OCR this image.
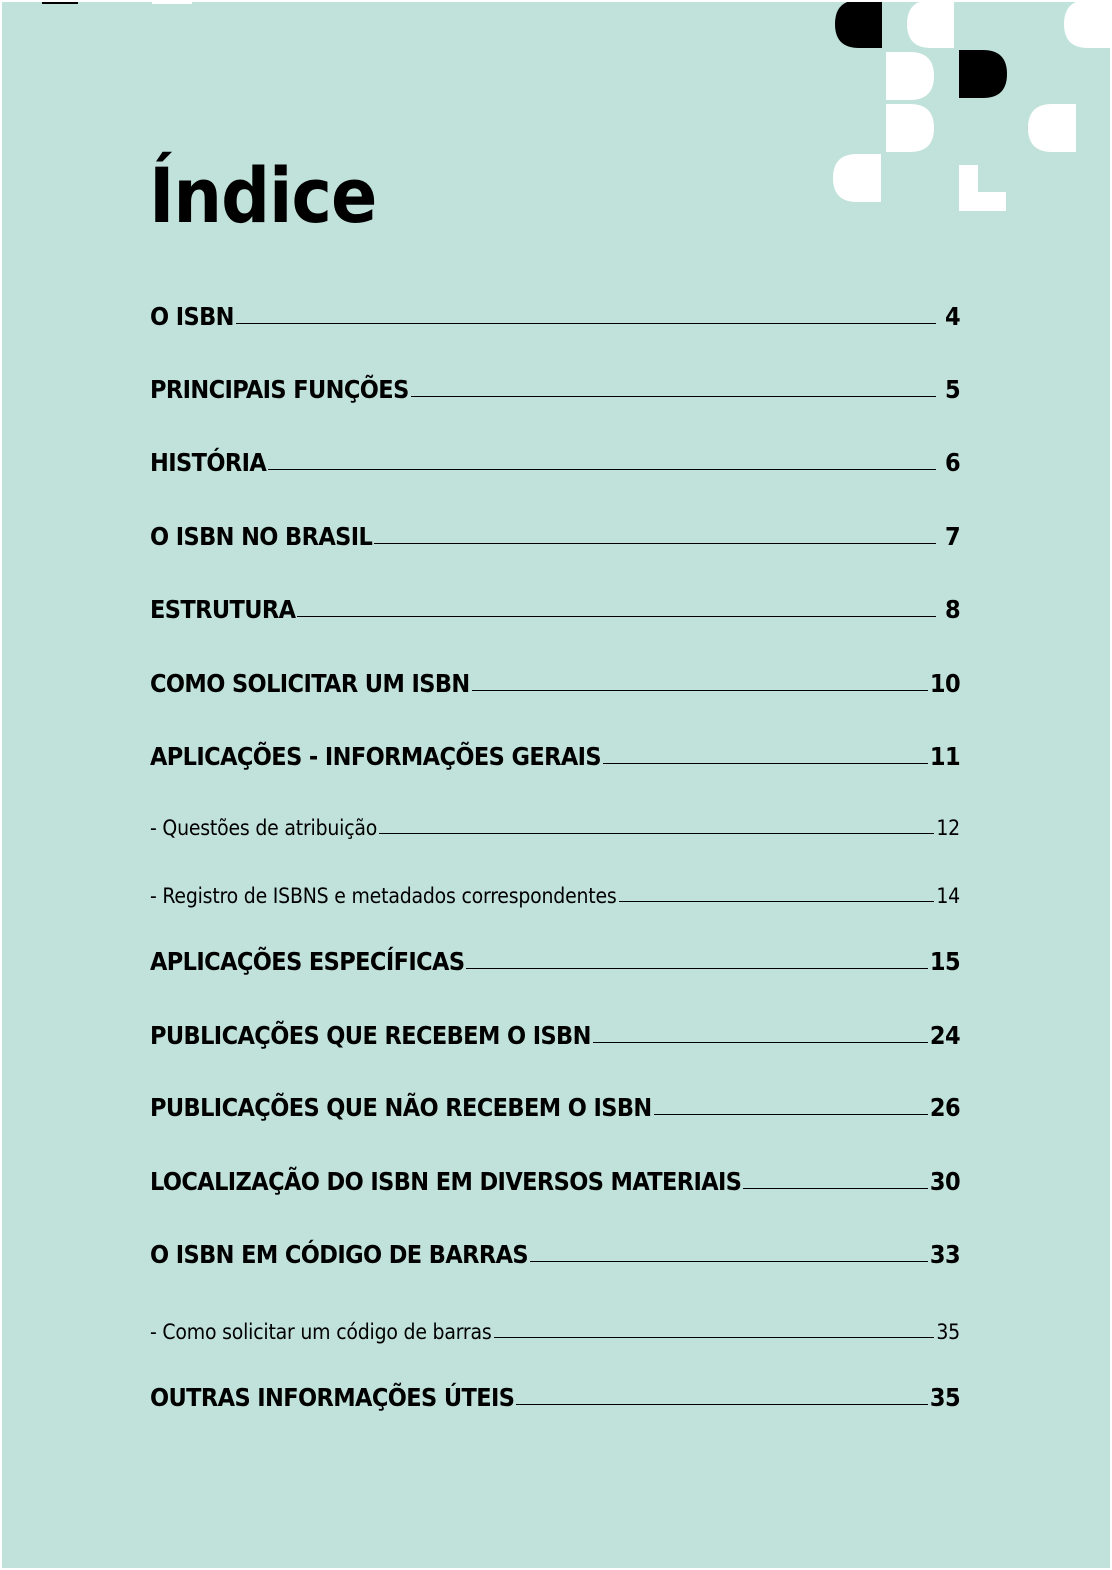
Índice
O ISBN	4
PRINCIPAIS FUNÇÕES	5
HISTÓRIA	6
O ISBN NO BRASIL	7
ESTRUTURA	8
COMO SOLICITAR UM ISBN	10
APLICAÇÕES - INFORMAÇÕES GERAIS	11
- Questões de atribuição	12
- Registro de ISBNS e metadados correspondentes	14
APLICAÇÕES ESPECÍFICAS	15
PUBLICAÇÕES QUE RECEBEM O ISBN	24
PUBLICAÇÕES QUE NÃO RECEBEM O ISBN	26
LOCALIZAÇÃO DO ISBN EM DIVERSOS MATERIAIS	30
O ISBN EM CÓDIGO DE BARRAS	33
- Como solicitar um código de barras	35
OUTRAS INFORMAÇÕES ÚTEIS	35
